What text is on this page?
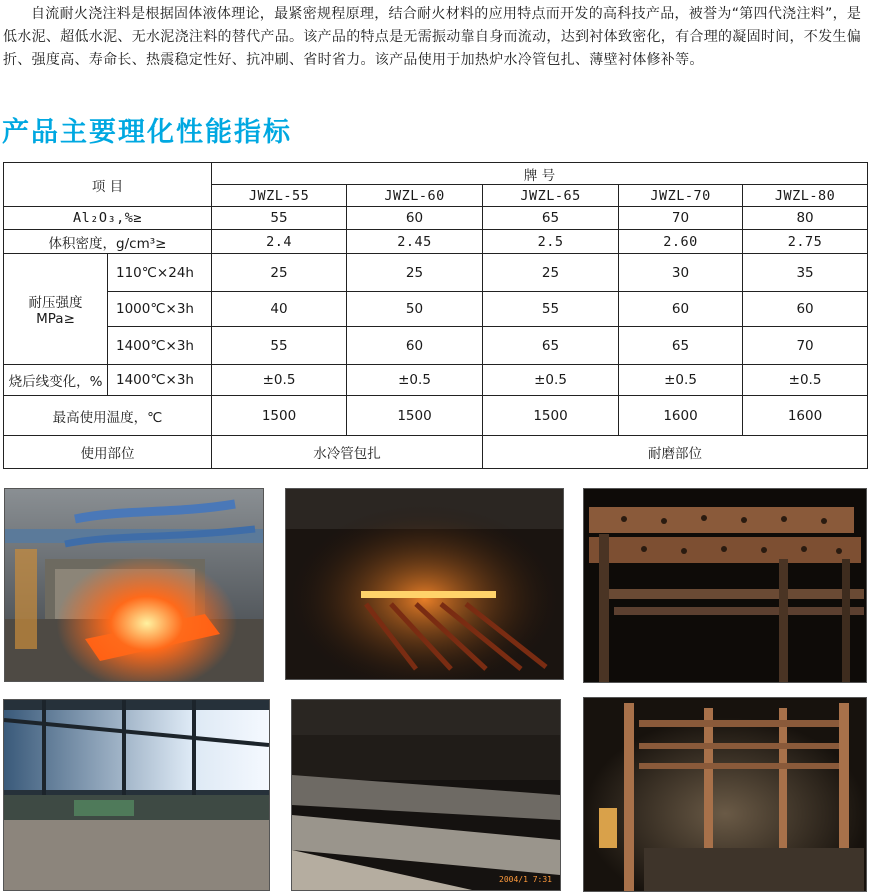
自流耐火浇注料是根据固体液体理论，最紧密规程原理，结合耐火材料的应用特点而开发的高科技产品，被誉为“第四代浇注料”，是低水泥、超低水泥、无水泥浇注料的替代产品。该产品的特点是无需振动靠自身而流动，达到衬体致密化，有合理的凝固时间，不发生偏折、强度高、寿命长、热震稳定性好、抗冲刷、省时省力。该产品使用于加热炉水冷管包扎、薄壁衬体修补等。
产品主要理化性能指标
项 目		牌 号				
		JWZL-55	JWZL-60	JWZL-65	JWZL-70	JWZL-80
Al₂O₃,%≥		55	60	65	70	80
体积密度，g/cm³≥		2.4	2.45	2.5	2.60	2.75

耐压强度
MPa≥	110℃×24h	25	25	25	30	35
	1000℃×3h	40	50	55	60	60
	1400℃×3h	55	60	65	65	70
烧后线变化，%	1400℃×3h	±0.5	±0.5	±0.5	±0.5	±0.5
最高使用温度，℃		1500	1500	1500	1600	1600
使用部位		水冷管包扎		耐磨部位		
2004/1 7:31
